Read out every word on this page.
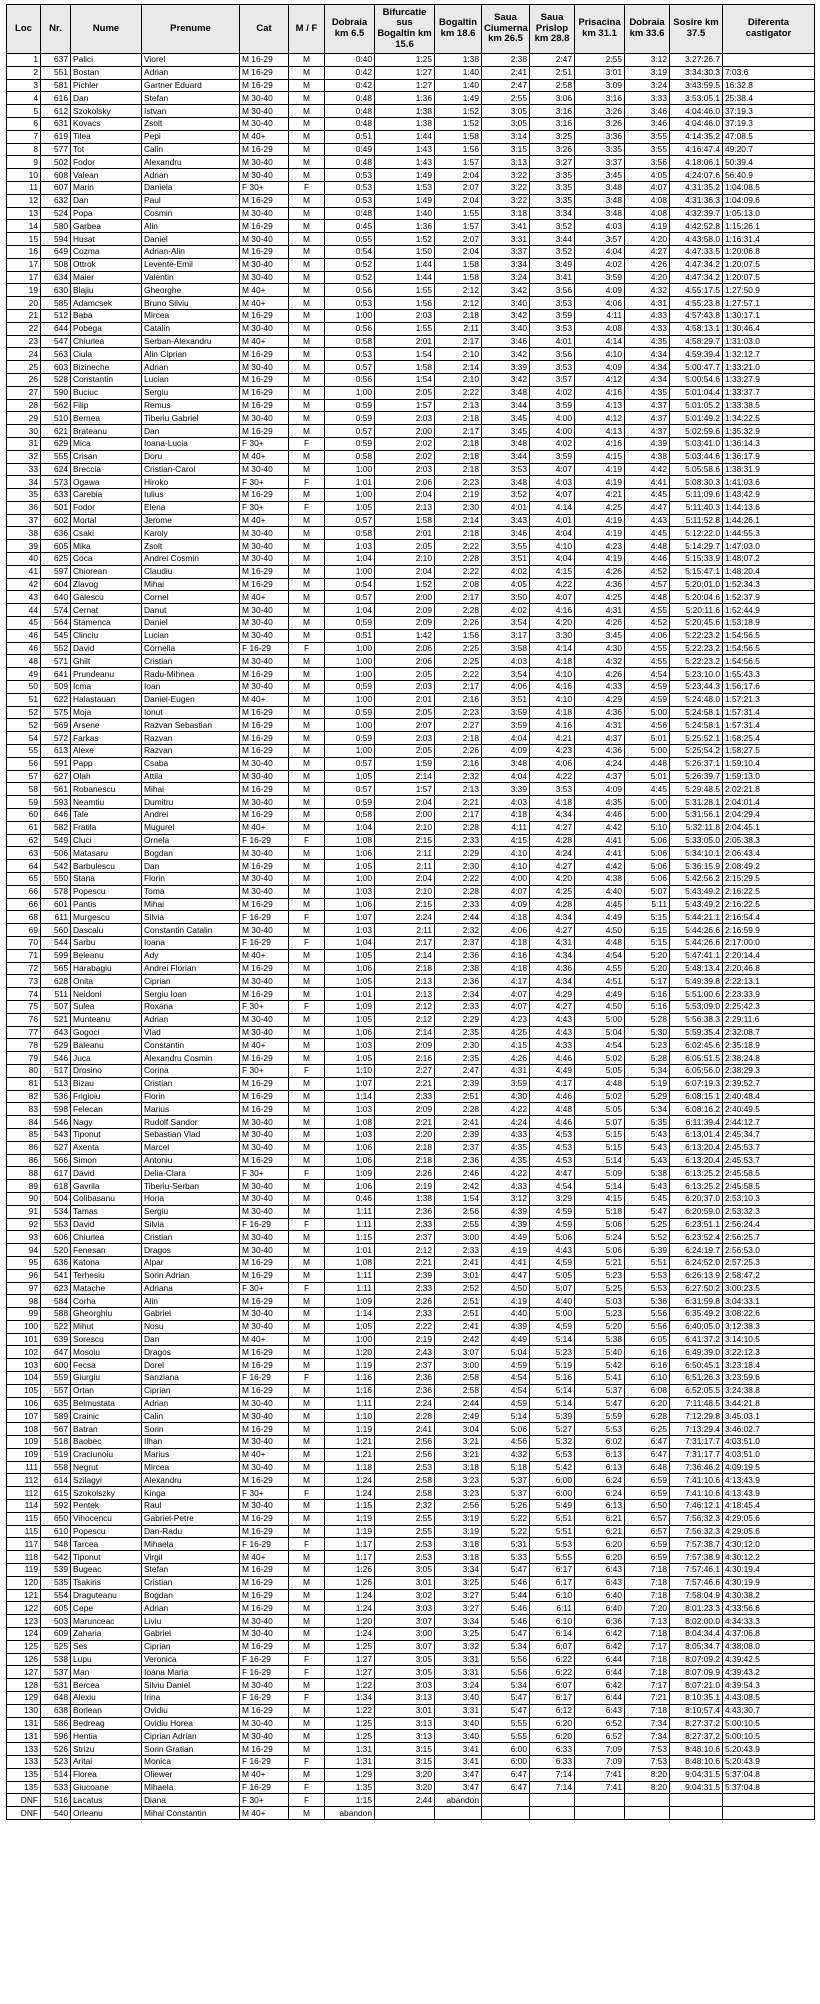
Loc	Nr.	Nume	Prenume	Cat	M / F	Dobraia km 6.5	Bifurcatie sus Bogaltin km 15.6	Bogaltin km 18.6	Saua Ciumerna km 26.5	Saua Prislop km 28.8	Prisacina km 31.1	Dobraia km 33.6	Sosire km 37.5	Diferenta castigator
1	637	Palici	Viorel	M 16-29	M	0:40	1:25	1:38	2:38	2:47	2:55	3:12	3:27:26.7	
2	551	Bostan	Adrian	M 16-29	M	0:42	1:27	1:40	2:41	2:51	3:01	3:19	3:34:30.3	7:03.6
3	581	Pichler	Gartner Eduard	M 16-29	M	0:42	1:27	1:40	2:47	2:58	3:09	3:24	3:43:59.5	16:32.8
4	616	Dan	Stefan	M 30-40	M	0:48	1:36	1:49	2:55	3:06	3:16	3:33	3:53:05.1	25:38.4
5	612	Szokolsky	Istvan	M 30-40	M	0:48	1:38	1:52	3:05	3:16	3:26	3:46	4:04:46.0	37:19.3
6	631	Kovacs	Zsolt	M 30-40	M	0:48	1:38	1:52	3:05	3:16	3:26	3:46	4:04:46.0	37:19.3
7	619	Tilea	Pepi	M 40+	M	0:51	1:44	1:58	3:14	3:25	3:36	3:55	4:14:35.2	47:08.5
8	577	Tot	Calin	M 16-29	M	0:49	1:43	1:56	3:15	3:26	3:35	3:55	4:16:47.4	49:20.7
9	502	Fodor	Alexandru	M 30-40	M	0:48	1:43	1:57	3:13	3:27	3:37	3:56	4:18:06.1	50:39.4
10	608	Valean	Adrian	M 30-40	M	0:53	1:49	2:04	3:22	3:35	3:45	4:05	4:24:07.6	56:40.9
11	607	Marin	Daniela	F 30+	F	0:53	1:53	2:07	3:22	3:35	3:48	4:07	4:31:35.2	1:04:08.5
12	632	Dan	Paul	M 16-29	M	0:53	1:49	2:04	3:22	3:35	3:48	4:08	4:31:36.3	1:04:09.6
13	524	Popa	Cosmin	M 30-40	M	0:48	1:40	1:55	3:18	3:34	3:48	4:08	4:32:39.7	1:05:13.0
14	580	Garbea	Alin	M 16-29	M	0:45	1:36	1:57	3:41	3:52	4:03	4:19	4:42:52.8	1:15:26.1
15	594	Husat	Daniel	M 30-40	M	0:55	1:52	2:07	3:31	3:44	3:57	4:20	4:43:58.0	1:16:31.4
16	649	Cozma	Adrian-Alin	M 16-29	M	0:54	1:50	2:04	3:37	3:52	4:04	4:27	4:47:33.5	1:20:06.8
17	508	Ottrok	Levente-Emil	M 30-40	M	0:52	1:44	1:58	3:34	3:49	4:02	4:26	4:47:34.2	1:20:07.5
17	634	Maier	Valentin	M 30-40	M	0:52	1:44	1:58	3:24	3:41	3:59	4:20	4:47:34.2	1:20:07.5
19	630	Blajiu	Gheorghe	M 40+	M	0:56	1:55	2:12	3:42	3:56	4:09	4:32	4:55:17.5	1:27:50.9
20	585	Adamcsek	Bruno Silviu	M 40+	M	0:53	1:56	2:12	3:40	3:53	4:06	4:31	4:55:23.8	1:27:57.1
21	512	Baba	Mircea	M 16-29	M	1:00	2:03	2:18	3:42	3:59	4:11	4:33	4:57:43.8	1:30:17.1
22	644	Pobega	Catalin	M 30-40	M	0:56	1:55	2:11	3:40	3:53	4:08	4:33	4:58:13.1	1:30:46.4
23	547	Chiurlea	Serban-Alexandru	M 40+	M	0:58	2:01	2:17	3:46	4:01	4:14	4:35	4:58:29.7	1:31:03.0
24	563	Ciula	Alin Ciprian	M 16-29	M	0:53	1:54	2:10	3:42	3:56	4:10	4:34	4:59:39.4	1:32:12.7
25	603	Bizineche	Adrian	M 30-40	M	0:57	1:58	2:14	3:39	3:53	4:09	4:34	5:00:47.7	1:33:21.0
26	528	Constantin	Lucian	M 16-29	M	0:56	1:54	2:10	3:42	3:57	4:12	4:34	5:00:54.6	1:33:27.9
27	590	Buciuc	Sergiu	M 16-29	M	1:00	2:05	2:22	3:48	4:02	4:16	4:35	5:01:04.4	1:33:37.7
28	562	Filip	Remus	M 16-29	M	0:59	1:57	2:13	3:44	3:59	4:13	4:37	5:01:05.2	1:33:38.5
29	510	Bernea	Tiberiu Gabriel	M 30-40	M	0:59	2:03	2:18	3:45	4:00	4:12	4:37	5:01:49.2	1:34:22.5
30	621	Brateanu	Dan	M 16-29	M	0:57	2:00	2:17	3:45	4:00	4:13	4:37	5:02:59.6	1:35:32.9
31	629	Mica	Ioana-Lucia	F 30+	F	0:59	2:02	2:18	3:48	4:02	4:16	4:39	5:03:41.0	1:36:14.3
32	555	Crisan	Doru	M 40+	M	0:58	2:02	2:18	3:44	3:59	4:15	4:38	5:03:44.6	1:36:17.9
33	624	Breccia	Cristian-Carol	M 30-40	M	1:00	2:03	2:18	3:53	4:07	4:19	4:42	5:05:58.6	1:38:31.9
34	573	Ogawa	Hiroko	F 30+	F	1:01	2:06	2:23	3:48	4:03	4:19	4:41	5:08:30.3	1:41:03.6
35	633	Carebia	Iulius	M 16-29	M	1:00	2:04	2:19	3:52	4:07	4:21	4:45	5:11:09.6	1:43:42.9
36	501	Fodor	Elena	F 30+	F	1:05	2:13	2:30	4:01	4:14	4:25	4:47	5:11:40.3	1:44:13.6
37	602	Mortal	Jerome	M 40+	M	0:57	1:58	2:14	3:43	4:01	4:19	4:43	5:11:52.8	1:44:26.1
38	636	Csaki	Karoly	M 30-40	M	0:58	2:01	2:18	3:46	4:04	4:19	4:45	5:12:22.0	1:44:55.3
39	605	Mika	Zsolt	M 30-40	M	1:03	2:05	2:22	3:55	4:10	4:23	4:48	5:14:29.7	1:47:03.0
40	625	Coca	Andrei Cosmin	M 30-40	M	1:04	2:10	2:28	3:51	4:04	4:19	4:46	5:15:33.9	1:48:07.2
41	597	Chiorean	Claudiu	M 16-29	M	1:00	2:04	2:22	4:02	4:15	4:26	4:52	5:15:47.1	1:48:20.4
42	604	Zlavog	Mihai	M 16-29	M	0:54	1:52	2:08	4:05	4:22	4:36	4:57	5:20:01.0	1:52:34.3
43	640	Galescu	Cornel	M 40+	M	0:57	2:00	2:17	3:50	4:07	4:25	4:48	5:20:04.6	1:52:37.9
44	574	Cernat	Danut	M 30-40	M	1:04	2:09	2:28	4:02	4:16	4:31	4:55	5:20:11.6	1:52:44.9
45	564	Stamenca	Daniel	M 30-40	M	0:59	2:09	2:26	3:54	4:20	4:26	4:52	5:20:45.6	1:53:18.9
46	545	Clinciu	Lucian	M 30-40	M	0:51	1:42	1:56	3:17	3:30	3:45	4:06	5:22:23.2	1:54:56.5
46	552	David	Cornelia	F 16-29	F	1:00	2:06	2:25	3:58	4:14	4:30	4:55	5:22:23.2	1:54:56.5
48	571	Ghilt	Cristian	M 30-40	M	1:00	2:06	2:25	4:03	4:18	4:32	4:55	5:22:23.2	1:54:56.5
49	641	Prundeanu	Radu-Mihnea	M 16-29	M	1:00	2:05	2:22	3:54	4:10	4:26	4:54	5:23:10.0	1:55:43.3
50	509	Icma	Ioan	M 30-40	M	0:59	2:03	2:17	4:06	4:16	4:33	4:59	5:23:44.3	1:56:17.6
51	622	Halastauan	Daniel-Eugen	M 40+	M	1:00	2:01	2:16	3:51	4:10	4:29	4:59	5:24:48.0	1:57:21.3
52	575	Moja	Ionut	M 16-29	M	0:59	2:05	2:23	3:59	4:18	4:36	5:00	5:24:58.1	1:57:31.4
52	569	Arsene	Razvan Sebastian	M 16-29	M	1:00	2:07	2:27	3:59	4:16	4:31	4:56	5:24:58.1	1:57:31.4
54	572	Farkas	Razvan	M 16-29	M	0:59	2:03	2:18	4:04	4:21	4:37	5:01	5:25:52.1	1:58:25.4
55	613	Alexe	Razvan	M 16-29	M	1:00	2:05	2:26	4:09	4:23	4:36	5:00	5:25:54.2	1:58:27.5
56	591	Papp	Csaba	M 30-40	M	0:57	1:59	2:16	3:48	4:06	4:24	4:48	5:26:37.1	1:59:10.4
57	627	Olah	Attila	M 30-40	M	1:05	2:14	2:32	4:04	4:22	4:37	5:01	5:26:39.7	1:59:13.0
58	561	Robanescu	Mihai	M 16-29	M	0:57	1:57	2:13	3:39	3:53	4:09	4:45	5:29:48.5	2:02:21.8
59	593	Neamtiu	Dumitru	M 30-40	M	0:59	2:04	2:21	4:03	4:18	4:35	5:00	5:31:28.1	2:04:01.4
60	646	Tale	Andrei	M 16-29	M	0:58	2:00	2:17	4:18	4:34	4:46	5:00	5:31:56.1	2:04:29.4
61	582	Fratila	Mugurel	M 40+	M	1:04	2:10	2:28	4:11	4:27	4:42	5:10	5:32:11.8	2:04:45.1
62	549	Cluci	Ornela	F 16-29	F	1:08	2:15	2:33	4:15	4:28	4:41	5:06	5:33:05.0	2:05:38.3
63	506	Matasaru	Bogdan	M 30-40	M	1:06	2:11	2:29	4:10	4:24	4:41	5:06	5:34:10.1	2:06:43.4
64	542	Barbulescu	Dan	M 16-29	M	1:05	2:11	2:30	4:10	4:27	4:42	5:06	5:36:15.9	2:08:49.2
65	550	Stana	Florin	M 30-40	M	1:00	2:04	2:22	4:00	4:20	4:38	5:06	5:42:56.2	2:15:29.5
66	578	Popescu	Toma	M 30-40	M	1:03	2:10	2:28	4:07	4:25	4:40	5:07	5:43:49.2	2:16:22.5
66	601	Pantis	Mihai	M 16-29	M	1:06	2:15	2:33	4:09	4:28	4:45	5:11	5:43:49.2	2:16:22.5
68	611	Murgescu	Silvia	F 16-29	F	1:07	2:24	2:44	4:18	4:34	4:49	5:15	5:44:21.1	2:16:54.4
69	560	Dascalu	Constantin Catalin	M 30-40	M	1:03	2:11	2:32	4:06	4:27	4:50	5:15	5:44:26.6	2:16:59.9
70	544	Sarbu	Ioana	F 16-29	F	1:04	2:17	2:37	4:18	4:31	4:48	5:15	5:44:26.6	2:17:00.0
71	599	Beleanu	Ady	M 40+	M	1:05	2:14	2:36	4:16	4:34	4:54	5:20	5:47:41.1	2:20:14.4
72	565	Harabagiu	Andrei Florian	M 16-29	M	1:06	2:18	2:38	4:18	4:36	4:55	5:20	5:48:13.4	2:20:46.8
73	628	Onita	Ciprian	M 30-40	M	1:05	2:13	2:36	4:17	4:34	4:51	5:17	5:49:39.8	2:22:13.1
74	511	Neidoni	Sergiu Ioan	M 16-29	M	1:01	2:13	2:34	4:07	4:29	4:49	5:16	5:51:00.6	2:23:33.9
75	507	Sulea	Roxana	F 30+	F	1:09	2:12	2:33	4:07	4:27	4:50	5:16	5:53:09.0	2:25:42.3
76	521	Munteanu	Adrian	M 30-40	M	1:05	2:12	2:29	4:23	4:43	5:00	5:28	5:56:38.3	2:29:11.6
77	643	Gogoci	Vlad	M 30-40	M	1:06	2:14	2:35	4:25	4:43	5:04	5:30	5:59:35.4	2:32:08.7
78	529	Baleanu	Constantin	M 40+	M	1:03	2:09	2:30	4:15	4:33	4:54	5:23	6:02:45.6	2:35:18.9
79	546	Juca	Alexandru Cosmin	M 16-29	M	1:05	2:16	2:35	4:26	4:46	5:02	5:28	6:05:51.5	2:38:24.8
80	517	Drosino	Corina	F 30+	F	1:10	2:27	2:47	4:31	4:49	5:05	5:34	6:05:56.0	2:38:29.3
81	513	Bizau	Cristian	M 16-29	M	1:07	2:21	2:39	3:59	4:17	4:48	5:19	6:07:19.3	2:39:52.7
82	536	Frigioiu	Florin	M 16-29	M	1:14	2:33	2:51	4:30	4:46	5:02	5:29	6:08:15.1	2:40:48.4
83	598	Felecan	Marius	M 16-29	M	1:03	2:09	2:28	4:22	4:48	5:05	5:34	6:08:16.2	2:40:49.5
84	546	Nagy	Rudolf Sandor	M 30-40	M	1:08	2:21	2:41	4:24	4:46	5:07	5:35	6:11:39.4	2:44:12.7
85	543	Tiponut	Sebastian Vlad	M 30-40	M	1:03	2:20	2:39	4:33	4:53	5:15	5:43	6:13:01.4	2:45:34.7
86	527	Axenta	Marcel	M 30-40	M	1:06	2:18	2:37	4:35	4:53	5:15	5:43	6:13:20.4	2:45:53.7
86	566	Simon	Antoniu	M 16-29	M	1:06	2:18	2:36	4:35	4:53	5:14	5:43	6:13:20.4	2:45:53.7
88	617	David	Delia-Clara	F 30+	F	1:09	2:26	2:46	4:22	4:47	5:09	5:38	6:13:25.2	2:45:58.5
89	618	Gavrila	Tiberiu-Serban	M 30-40	M	1:06	2:19	2:42	4:33	4:54	5:14	5:43	6:13:25.2	2:45:58.5
90	504	Colibasanu	Horia	M 30-40	M	0:46	1:38	1:54	3:12	3:29	4:15	5:45	6:20:37.0	2:53:10.3
91	534	Tamas	Sergiu	M 30-40	M	1:11	2:36	2:56	4:39	4:59	5:18	5:47	6:20:59.0	2:53:32.3
92	553	David	Silvia	F 16-29	F	1:11	2:33	2:55	4:39	4:59	5:06	5:25	6:23:51.1	2:56:24.4
93	606	Chiurlea	Cristian	M 30-40	M	1:15	2:37	3:00	4:49	5:06	5:24	5:52	6:23:52.4	2:56:25.7
94	520	Fenesan	Dragos	M 30-40	M	1:01	2:12	2:33	4:19	4:43	5:06	5:39	6:24:19.7	2:56:53.0
95	636	Katona	Alpar	M 16-29	M	1:08	2:21	2:41	4:41	4:59	5:21	5:51	6:24:52.0	2:57:25.3
96	541	Terhesiu	Sorin Adrian	M 16-29	M	1:11	2:39	3:01	4:47	5:05	5:23	5:53	6:26:13.9	2:58:47.2
97	623	Matache	Adriana	F 30+	F	1:11	2:33	2:52	4:50	5:07	5:25	5:53	6:27:50.2	3:00:23.5
98	584	Corha	Alin	M 16-29	M	1:09	2:26	2:51	4:19	4:40	5:03	5:36	6:31:59.8	3:04:33.1
99	588	Gheorghiu	Gabriel	M 30-40	M	1:14	2:33	2:51	4:40	5:00	5:23	5:56	6:35:49.2	3:08:22.6
100	522	Mihut	Nosu	M 30-40	M	1:05	2:22	2:41	4:39	4:59	5:20	5:56	6:40:05.0	3:12:38.3
101	639	Sorescu	Dan	M 40+	M	1:00	2:19	2:42	4:49	5:14	5:38	6:05	6:41:37.2	3:14:10.5
102	647	Mosoiu	Dragos	M 16-29	M	1:20	2:43	3:07	5:04	5:23	5:40	6:16	6:49:39.0	3:22:12.3
103	600	Fecsa	Dorel	M 16-29	M	1:19	2:37	3:00	4:59	5:19	5:42	6:16	6:50:45.1	3:23:18.4
104	559	Giurgiu	Sanziana	F 16-29	F	1:16	2:36	2:58	4:54	5:16	5:41	6:10	6:51:26.3	3:23:59.6
105	557	Ortan	Ciprian	M 16-29	M	1:16	2:36	2:58	4:54	5:14	5:37	6:08	6:52:05.5	3:24:38.8
106	635	Belmustata	Adrian	M 30-40	M	1:11	2:24	2:44	4:59	5:14	5:47	6:20	7:11:48.5	3:44:21.8
107	589	Crainic	Calin	M 30-40	M	1:10	2:28	2:49	5:14	5:39	5:59	6:28	7:12:29.8	3:45:03.1
108	567	Batran	Sorin	M 16-29	M	1:19	2:41	3:04	5:06	5:27	5:53	6:25	7:13:29.4	3:46:02.7
109	518	Baobec	Ilhan	M 30-40	M	1:21	2:56	3:21	4:56	5:32	6:02	6:47	7:31:17.7	4:03:51.0
109	519	Craciunoiu	Marius	M 40+	M	1:21	2:56	3:21	4:32	5:53	6:13	6:47	7:31:17.7	4:03:51.0
111	558	Negrut	Mircea	M 30-40	M	1:18	2:53	3:18	5:18	5:42	6:13	6:48	7:36:46.2	4:09:19.5
112	614	Szilagyi	Alexandru	M 16-29	M	1:24	2:58	3:23	5:37	6:00	6:24	6:59	7:41:10.6	4:13:43.9
112	615	Szokolszky	Kinga	F 30+	F	1:24	2:58	3:23	5:37	6:00	6:24	6:59	7:41:10.6	4:13:43.9
114	592	Pentek	Raul	M 30-40	M	1:15	2:32	2:56	5:26	5:49	6:13	6:50	7:46:12.1	4:18:45.4
115	650	Vihocencu	Gabriel-Petre	M 16-29	M	1:19	2:55	3:19	5:22	5:51	6:21	6:57	7:56:32.3	4:29:05.6
115	610	Popescu	Dan-Radu	M 16-29	M	1:19	2:55	3:19	5:22	5:51	6:21	6:57	7:56:32.3	4:29:05.6
117	548	Tarcea	Mihaela	F 16-29	F	1:17	2:53	3:18	5:31	5:53	6:20	6:59	7:57:38.7	4:30:12.0
118	542	Tiponut	Virgil	M 40+	M	1:17	2:53	3:18	5:33	5:55	6:20	6:59	7:57:38.9	4:30:12.2
119	539	Bugeac	Stefan	M 16-29	M	1:26	3:05	3:34	5:47	6:17	6:43	7:18	7:57:46.1	4:30:19.4
120	535	Tsakiris	Cristian	M 16-29	M	1:26	3:01	3:25	5:46	6:17	6:43	7:18	7:57:46.6	4:30:19.9
121	554	Draguteanu	Bogdan	M 16-29	M	1:24	3:02	3:27	5:44	6:10	6:40	7:18	7:58:04.9	4:30:38.2
122	605	Cepe	Adrian	M 16-29	M	1:24	3:03	3:27	5:46	6:11	6:40	7:20	8:01:23.3	4:33:56.6
123	503	Marunceac	Liviu	M 30-40	M	1:20	3:07	3:34	5:46	6:10	6:36	7:13	8:02:00.0	4:34:33.3
124	609	Zaharia	Gabriel	M 30-40	M	1:24	3:00	3:25	5:47	6:14	6:42	7:18	8:04:34.4	4:37:06.8
125	525	Ses	Ciprian	M 16-29	M	1:25	3:07	3:32	5:34	6:07	6:42	7:17	8:05:34.7	4:38:08.0
126	538	Lupu	Veronica	F 16-29	F	1:27	3:05	3:31	5:56	6:22	6:44	7:18	8:07:09.2	4:39:42.5
127	537	Man	Ioana Maria	F 16-29	F	1:27	3:05	3:31	5:56	6:22	6:44	7:18	8:07:09.9	4:39:43.2
128	531	Bercea	Silviu Daniel	M 30-40	M	1:22	3:03	3:24	5:34	6:07	6:42	7:17	8:07:21.0	4:39:54.3
129	648	Alexiu	Irina	F 16-29	F	1:34	3:13	3:40	5:47	6:17	6:44	7:21	8:10:35.1	4:43:08.5
130	638	Borlean	Ovidiu	M 16-29	M	1:22	3:01	3:31	5:47	6:12	6:43	7:18	8:10:57.4	4:43:30.7
131	586	Bedreag	Ovidiu Horea	M 30-40	M	1:25	3:13	3:40	5:55	6:20	6:52	7:34	8:27:37.2	5:00:10.5
131	596	Hentia	Ciprian Adrian	M 30-40	M	1:25	3:13	3:40	5:55	6:20	6:52	7:34	8:27:37.2	5:00:10.5
133	526	Strizu	Sorin Gratian	M 16-29	M	1:31	3:15	3:41	6:00	6:33	7:09	7:53	8:48:10.6	5:20:43.9
133	523	Aritai	Monica	F 16-29	F	1:31	3:15	3:41	6:00	6:33	7:09	7:53	8:48:10.6	5:20:43.9
135	514	Florea	Oliewer	M 40+	M	1:29	3:20	3:47	6:47	7:14	7:41	8:20	9:04:31.5	5:37:04.8
135	533	Giucoane	Mihaela	F 16-29	F	1:35	3:20	3:47	6:47	7:14	7:41	8:20	9:04:31.5	5:37:04.8
DNF	516	Lacatus	Diana	F 30+	F	1:15	2:44	abandon						
DNF	540	Orleanu	Mihai Constantin	M 40+	M	abandon								
